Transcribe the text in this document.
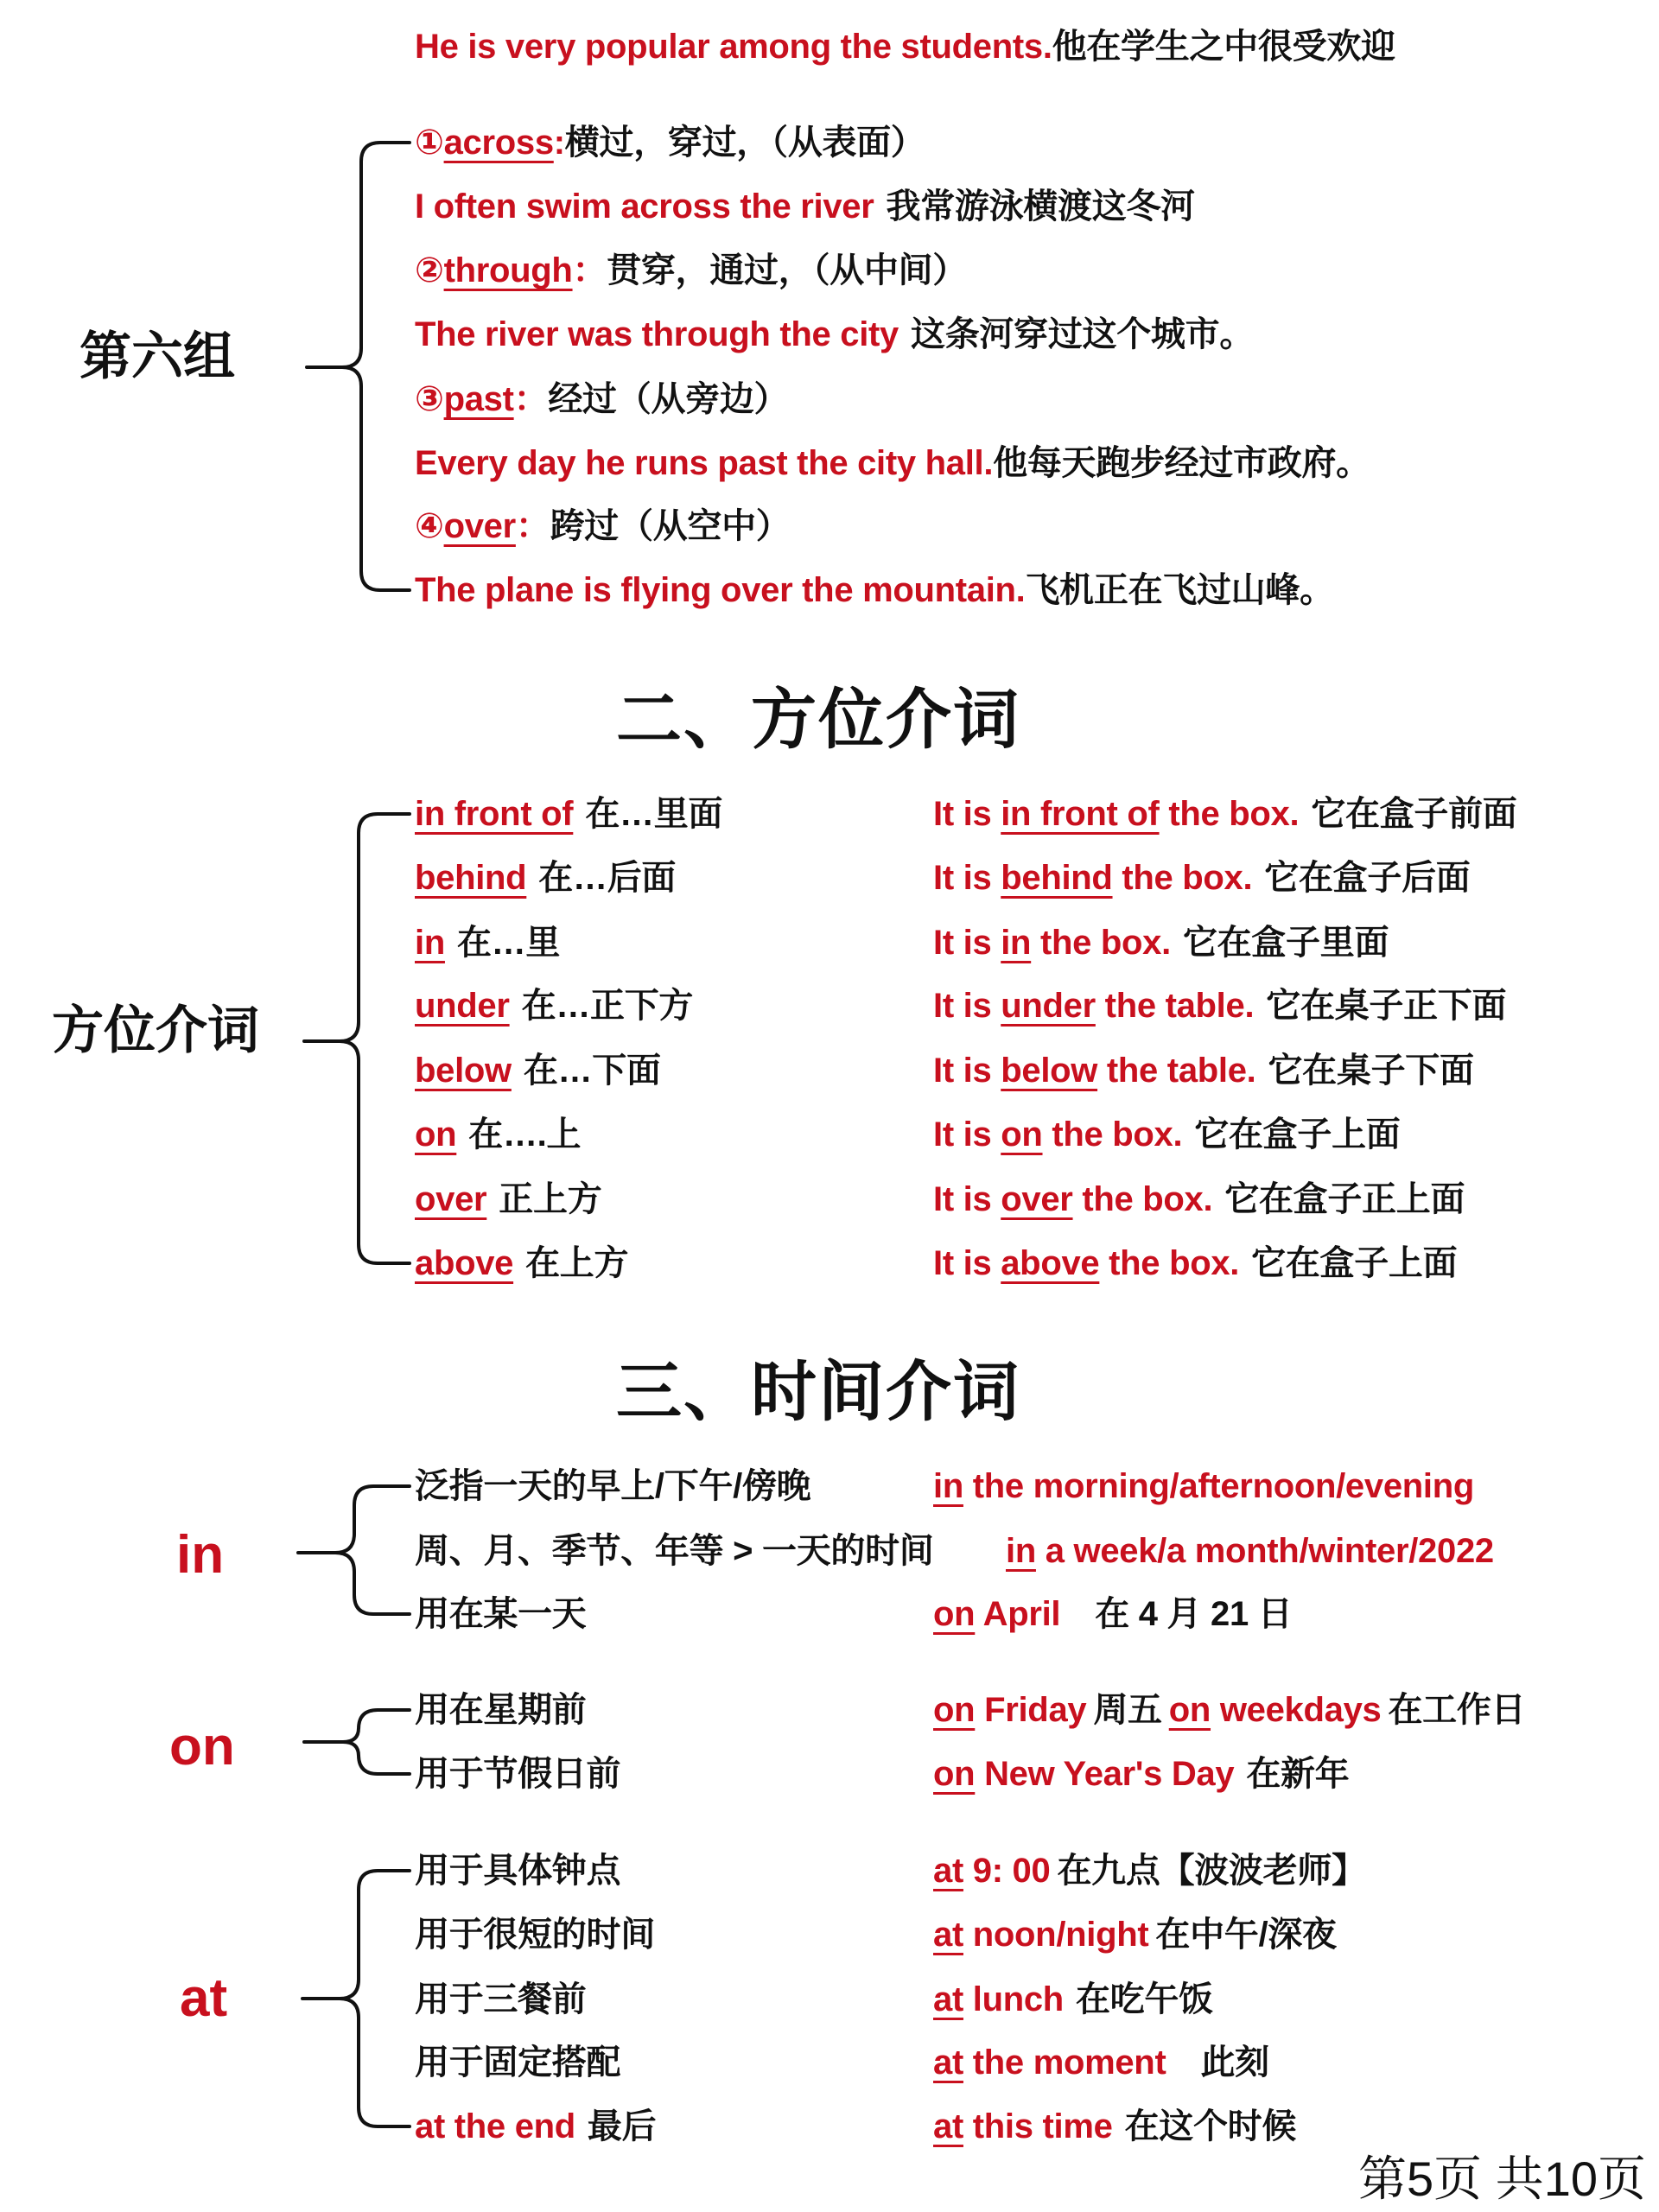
He is very popular among the students.他在学生之中很受欢迎
第六组
①across:横过，穿过，（从表面）
I often swim across the river 我常游泳横渡这冬河
②through：贯穿，通过，（从中间）
The river was through the city 这条河穿过这个城市。
③past：经过（从旁边）
Every day he runs past the city hall.他每天跑步经过市政府。
④over：跨过（从空中）
The plane is flying over the mountain.飞机正在飞过山峰。
二、方位介词
方位介词
in front of 在…里面	It is in front of the box. 它在盒子前面
behind 在…后面	It is behind the box. 它在盒子后面
in 在…里	It is in the box. 它在盒子里面
under 在…正下方	It is under the table. 它在桌子正下面
below 在…下面	It is below the table. 它在桌子下面
on 在….上	It is on the box. 它在盒子上面
over 正上方	It is over the box. 它在盒子正上面
above 在上方	It is above the box. 它在盒子上面
三、时间介词
in
泛指一天的早上/下午/傍晚	in the morning/afternoon/evening
周、月、季节、年等 > 一天的时间 in a week/a month/winter/2022
用在某一天	on April 在 4 月 21 日
on
用在星期前	on Friday 周五 on weekdays 在工作日
用于节假日前	on New Year's Day 在新年
at
用于具体钟点	at 9: 00 在九点【波波老师】
用于很短的时间	at noon/night 在中午/深夜
用于三餐前	at lunch 在吃午饭
用于固定搭配	at the moment 此刻
at the end 最后	at this time 在这个时候
第5页 共10页
